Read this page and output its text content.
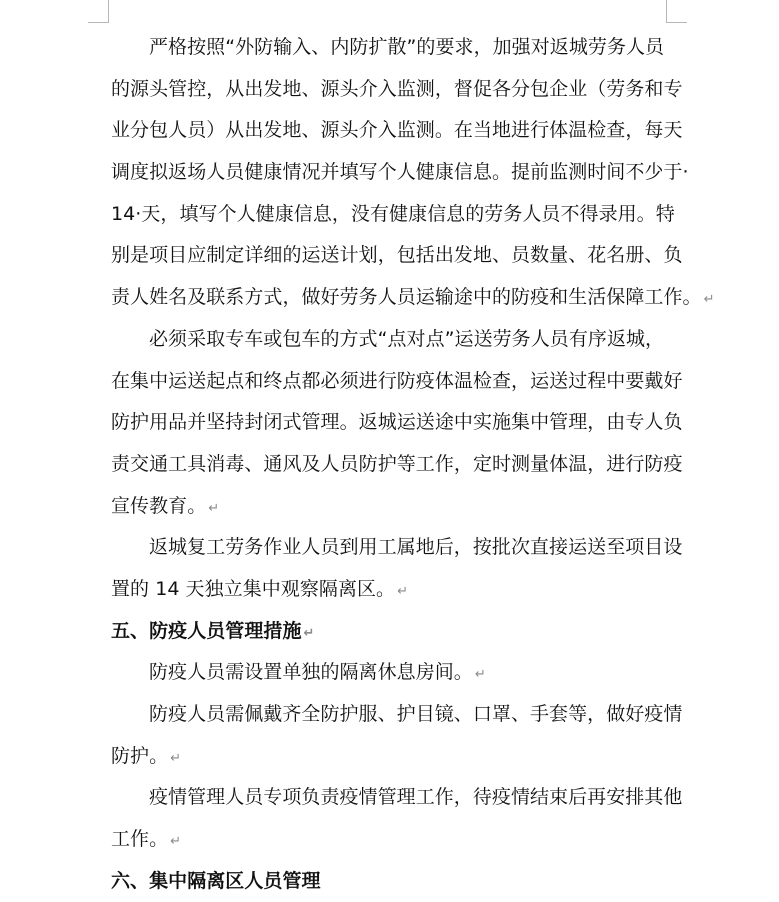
严格按照“外防输入、内防扩散”的要求，加强对返城劳务人员
的源头管控，从出发地、源头介入监测，督促各分包企业（劳务和专
业分包人员）从出发地、源头介入监测。在当地进行体温检查，每天
调度拟返场人员健康情况并填写个人健康信息。提前监测时间不少于·
14·天，填写个人健康信息，没有健康信息的劳务人员不得录用。特
别是项目应制定详细的运送计划，包括出发地、员数量、花名册、负
责人姓名及联系方式，做好劳务人员运输途中的防疫和生活保障工作。 ↵
必须采取专车或包车的方式“点对点”运送劳务人员有序返城，
在集中运送起点和终点都必须进行防疫体温检查，运送过程中要戴好
防护用品并坚持封闭式管理。返城运送途中实施集中管理，由专人负
责交通工具消毒、通风及人员防护等工作，定时测量体温，进行防疫
宣传教育。 ↵
返城复工劳务作业人员到用工属地后，按批次直接运送至项目设
置的 14 天独立集中观察隔离区。 ↵
五、防疫人员管理措施 ↵
防疫人员需设置单独的隔离休息房间。 ↵
防疫人员需佩戴齐全防护服、护目镜、口罩、手套等，做好疫情
防护。 ↵
疫情管理人员专项负责疫情管理工作，待疫情结束后再安排其他
工作。 ↵
六、集中隔离区人员管理
